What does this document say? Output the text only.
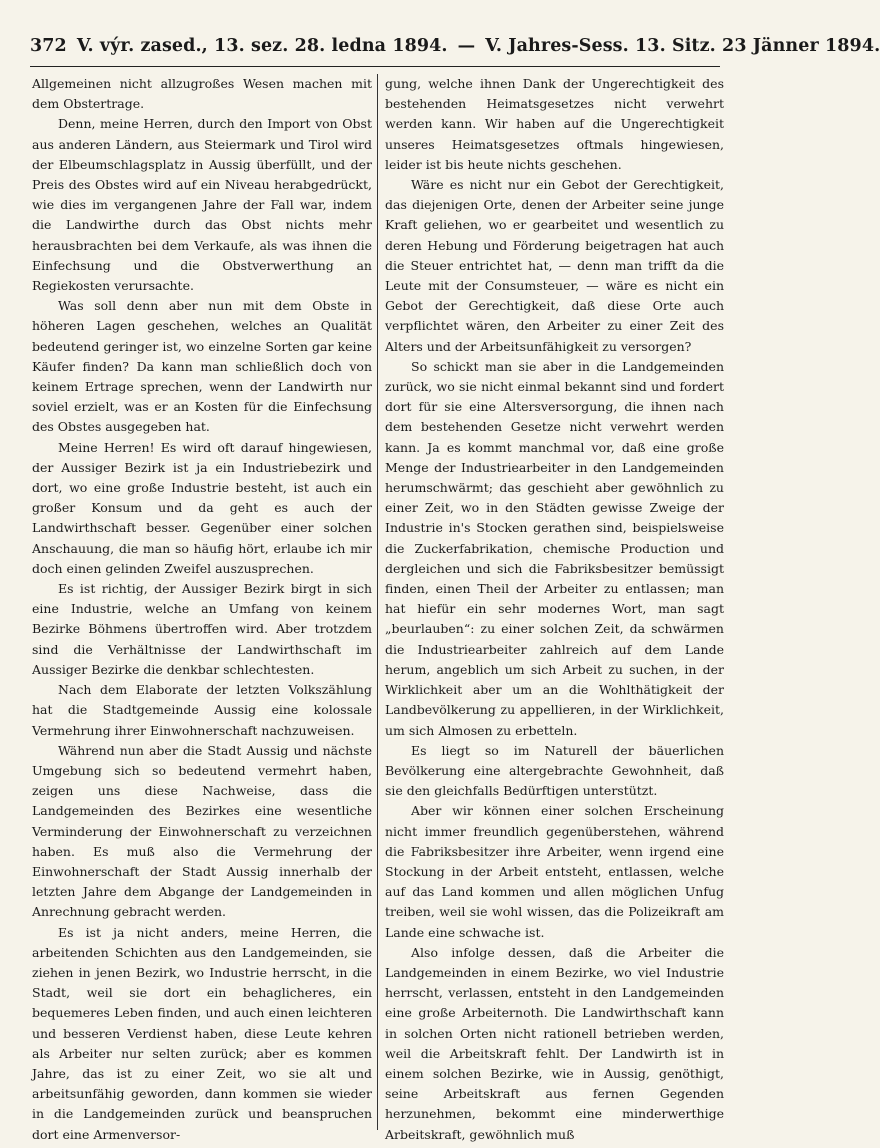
372 V. výr. zased., 13. sez. 28. ledna 1894. — V. Jahres-Sess. 13. Sitz. 23 Jänner 1894.

Allgemeinen nicht allzugroßes Wesen machen mit dem Obstertrage.

Denn, meine Herren, durch den Import von Obst aus anderen Ländern, aus Steiermark und Tirol wird der Elbeumschlagsplatz in Aussig überfüllt, und der Preis des Obstes wird auf ein Niveau herabgedrückt, wie dies im vergangenen Jahre der Fall war, indem die Landwirthe durch das Obst nichts mehr herausbrachten bei dem Verkaufe, als was ihnen die Einfechsung und die Obstverwerthung an Regiekosten verursachte.

Was soll denn aber nun mit dem Obste in höheren Lagen geschehen, welches an Qualität bedeutend geringer ist, wo einzelne Sorten gar keine Käufer finden? Da kann man schließlich doch von keinem Ertrage sprechen, wenn der Landwirth nur soviel erzielt, was er an Kosten für die Einfechsung des Obstes ausgegeben hat.

Meine Herren! Es wird oft darauf hingewiesen, der Aussiger Bezirk ist ja ein Industriebezirk und dort, wo eine große Industrie besteht, ist auch ein großer Konsum und da geht es auch der Landwirthschaft besser. Gegenüber einer solchen Anschauung, die man so häufig hört, erlaube ich mir doch einen gelinden Zweifel auszusprechen.

Es ist richtig, der Aussiger Bezirk birgt in sich eine Industrie, welche an Umfang von keinem Bezirke Böhmens übertroffen wird. Aber trotzdem sind die Verhältnisse der Landwirthschaft im Aussiger Bezirke die denkbar schlechtesten.

Nach dem Elaborate der letzten Volkszählung hat die Stadtgemeinde Aussig eine kolossale Vermehrung ihrer Einwohnerschaft nachzuweisen.

Während nun aber die Stadt Aussig und nächste Umgebung sich so bedeutend vermehrt haben, zeigen uns diese Nachweise, dass die Landgemeinden des Bezirkes eine wesentliche Verminderung der Einwohnerschaft zu verzeichnen haben. Es muß also die Vermehrung der Einwohnerschaft der Stadt Aussig innerhalb der letzten Jahre dem Abgange der Landgemeinden in Anrechnung gebracht werden.

Es ist ja nicht anders, meine Herren, die arbeitenden Schichten aus den Landgemeinden, sie ziehen in jenen Bezirk, wo Industrie herrscht, in die Stadt, weil sie dort ein behaglicheres, ein bequemeres Leben finden, und auch einen leichteren und besseren Verdienst haben, diese Leute kehren als Arbeiter nur selten zurück; aber es kommen Jahre, das ist zu einer Zeit, wo sie alt und arbeitsunfähig geworden, dann kommen sie wieder in die Landgemeinden zurück und beanspruchen dort eine Armenversor-

gung, welche ihnen Dank der Ungerechtigkeit des bestehenden Heimatsgesetzes nicht verwehrt werden kann. Wir haben auf die Ungerechtigkeit unseres Heimatsgesetzes oftmals hingewiesen, leider ist bis heute nichts geschehen.

Wäre es nicht nur ein Gebot der Gerechtigkeit, das diejenigen Orte, denen der Arbeiter seine junge Kraft geliehen, wo er gearbeitet und wesentlich zu deren Hebung und Förderung beigetragen hat auch die Steuer entrichtet hat, — denn man trifft da die Leute mit der Consumsteuer, — wäre es nicht ein Gebot der Gerechtigkeit, daß diese Orte auch verpflichtet wären, den Arbeiter zu einer Zeit des Alters und der Arbeitsunfähigkeit zu versorgen?

So schickt man sie aber in die Landgemeinden zurück, wo sie nicht einmal bekannt sind und fordert dort für sie eine Altersversorgung, die ihnen nach dem bestehenden Gesetze nicht verwehrt werden kann. Ja es kommt manchmal vor, daß eine große Menge der Industriearbeiter in den Landgemeinden herumschwärmt; das geschieht aber gewöhnlich zu einer Zeit, wo in den Städten gewisse Zweige der Industrie in's Stocken gerathen sind, beispielsweise die Zuckerfabrikation, chemische Production und dergleichen und sich die Fabriksbesitzer bemüssigt finden, einen Theil der Arbeiter zu entlassen; man hat hiefür ein sehr modernes Wort, man sagt „beurlauben“: zu einer solchen Zeit, da schwärmen die Industriearbeiter zahlreich auf dem Lande herum, angeblich um sich Arbeit zu suchen, in der Wirklichkeit aber um an die Wohlthätigkeit der Landbevölkerung zu appellieren, in der Wirklichkeit, um sich Almosen zu erbetteln.

Es liegt so im Naturell der bäuerlichen Bevölkerung eine altergebrachte Gewohnheit, daß sie den gleichfalls Bedürftigen unterstützt.

Aber wir können einer solchen Erscheinung nicht immer freundlich gegenüberstehen, während die Fabriksbesitzer ihre Arbeiter, wenn irgend eine Stockung in der Arbeit entsteht, entlassen, welche auf das Land kommen und allen möglichen Unfug treiben, weil sie wohl wissen, das die Polizeikraft am Lande eine schwache ist.

Also infolge dessen, daß die Arbeiter die Landgemeinden in einem Bezirke, wo viel Industrie herrscht, verlassen, entsteht in den Landgemeinden eine große Arbeiternoth. Die Landwirthschaft kann in solchen Orten nicht rationell betrieben werden, weil die Arbeitskraft fehlt. Der Landwirth ist in einem solchen Bezirke, wie in Aussig, genöthigt, seine Arbeitskraft aus fernen Gegenden herzunehmen, bekommt eine minderwerthige Arbeitskraft, gewöhnlich muß
